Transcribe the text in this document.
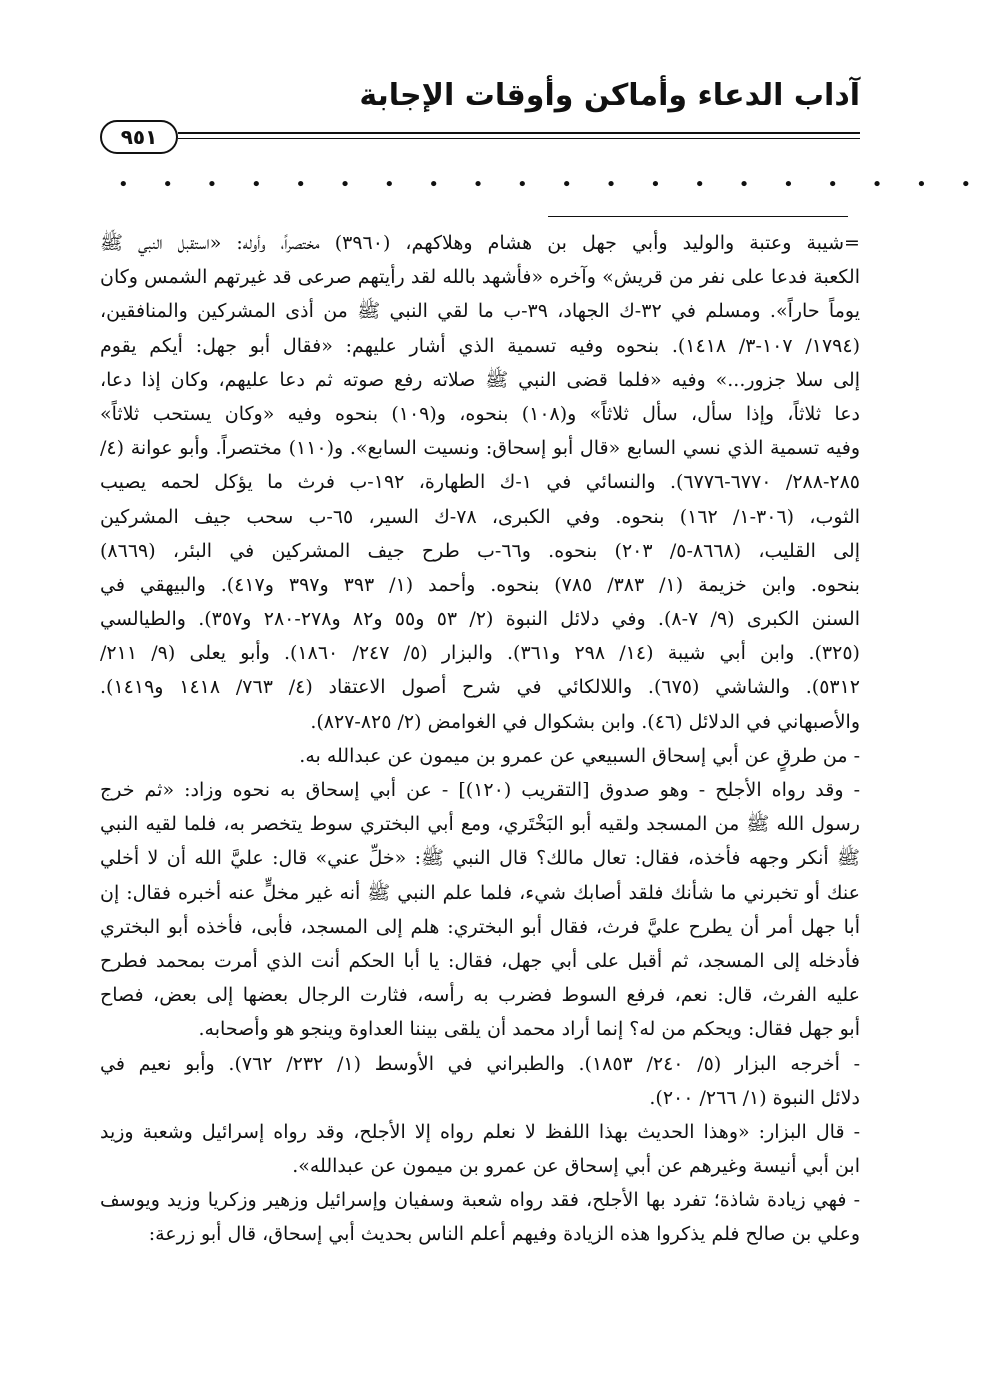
آداب الدعاء وأماكن وأوقات الإجابة
٩٥١
• • • • • • • • • • • • • • • • • • • •
=شيبة وعتبة والوليد وأبي جهل بن هشام وهلاكهم، (٣٩٦٠) مختصراً، وأوله: «استقبل النبي ﷺ
الكعبة فدعا على نفر من قريش» وآخره «فأشهد بالله لقد رأيتهم صرعى قد غيرتهم الشمس وكان
يوماً حاراً». ومسلم في ٣٢-ك الجهاد، ٣٩-ب ما لقي النبي ﷺ من أذى المشركين والمنافقين،
(١٧٩٤/ ١٠٧-٣/ ١٤١٨). بنحوه وفيه تسمية الذي أشار عليهم: «فقال أبو جهل: أيكم يقوم
إلى سلا جزور...» وفيه «فلما قضى النبي ﷺ صلاته رفع صوته ثم دعا عليهم، وكان إذا دعا،
دعا ثلاثاً، وإذا سأل، سأل ثلاثاً» و(١٠٨) بنحوه، و(١٠٩) بنحوه وفيه «وكان يستحب ثلاثاً»
وفيه تسمية الذي نسي السابع «قال أبو إسحاق: ونسيت السابع». و(١١٠) مختصراً. وأبو عوانة (٤/
٢٨٥-٢٨٨/ ٦٧٧٠-٦٧٧٦). والنسائي في ١-ك الطهارة، ١٩٢-ب فرث ما يؤكل لحمه يصيب
الثوب، (٣٠٦-١/ ١٦٢) بنحوه. وفي الكبرى، ٧٨-ك السير، ٦٥-ب سحب جيف المشركين
إلى القليب، (٨٦٦٨-٥/ ٢٠٣) بنحوه. و٦٦-ب طرح جيف المشركين في البئر، (٨٦٦٩)
بنحوه. وابن خزيمة (١/ ٣٨٣/ ٧٨٥) بنحوه. وأحمد (١/ ٣٩٣ و٣٩٧ و٤١٧). والبيهقي في
السنن الكبرى (٩/ ٧-٨). وفي دلائل النبوة (٢/ ٥٣ و٥٥ و٨٢ و٢٧٨-٢٨٠ و٣٥٧). والطيالسي
(٣٢٥). وابن أبي شيبة (١٤/ ٢٩٨ و٣٦١). والبزار (٥/ ٢٤٧/ ١٨٦٠). وأبو يعلى (٩/ ٢١١/
٥٣١٢). والشاشي (٦٧٥). واللالكائي في شرح أصول الاعتقاد (٤/ ٧٦٣/ ١٤١٨ و١٤١٩).
والأصبهاني في الدلائل (٤٦). وابن بشكوال في الغوامض (٢/ ٨٢٥-٨٢٧).
- من طرقٍ عن أبي إسحاق السبيعي عن عمرو بن ميمون عن عبدالله به.
- وقد رواه الأجلح - وهو صدوق [التقريب (١٢٠)] - عن أبي إسحاق به نحوه وزاد: «ثم خرج
رسول الله ﷺ من المسجد ولقيه أبو البَخْتَري، ومع أبي البختري سوط يتخصر به، فلما لقيه النبي
ﷺ أنكر وجهه فأخذه، فقال: تعال مالك؟ قال النبي ﷺ: «خلِّ عني» قال: عليَّ الله أن لا أخلي
عنك أو تخبرني ما شأنك فلقد أصابك شيء، فلما علم النبي ﷺ أنه غير مخلٍّ عنه أخبره فقال: إن
أبا جهل أمر أن يطرح عليَّ فرث، فقال أبو البختري: هلم إلى المسجد، فأبى، فأخذه أبو البختري
فأدخله إلى المسجد، ثم أقبل على أبي جهل، فقال: يا أبا الحكم أنت الذي أمرت بمحمد فطرح
عليه الفرث، قال: نعم، فرفع السوط فضرب به رأسه، فثارت الرجال بعضها إلى بعض، فصاح
أبو جهل فقال: ويحكم من له؟ إنما أراد محمد أن يلقى بيننا العداوة وينجو هو وأصحابه.
- أخرجه البزار (٥/ ٢٤٠/ ١٨٥٣). والطبراني في الأوسط (١/ ٢٣٢/ ٧٦٢). وأبو نعيم في
دلائل النبوة (١/ ٢٦٦/ ٢٠٠).
- قال البزار: «وهذا الحديث بهذا اللفظ لا نعلم رواه إلا الأجلح، وقد رواه إسرائيل وشعبة وزيد
ابن أبي أنيسة وغيرهم عن أبي إسحاق عن عمرو بن ميمون عن عبدالله».
- فهي زيادة شاذة؛ تفرد بها الأجلح، فقد رواه شعبة وسفيان وإسرائيل وزهير وزكريا وزيد ويوسف
وعلي بن صالح فلم يذكروا هذه الزيادة وفيهم أعلم الناس بحديث أبي إسحاق، قال أبو زرعة:
